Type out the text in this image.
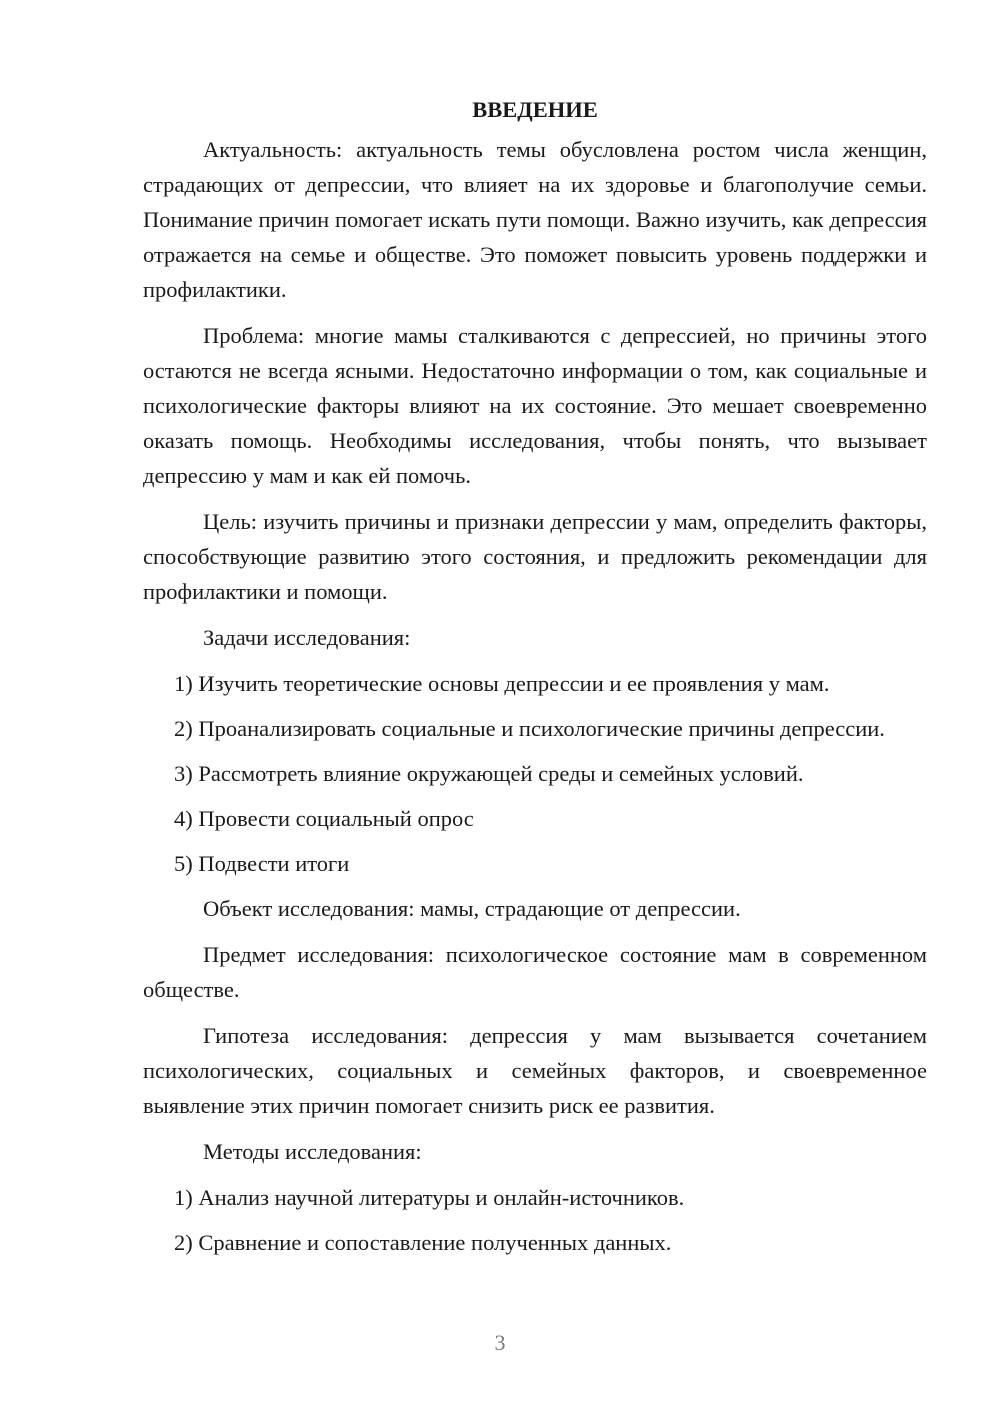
ВВЕДЕНИЕ

Актуальность: актуальность темы обусловлена ростом числа женщин, страдающих от депрессии, что влияет на их здоровье и благополучие семьи. Понимание причин помогает искать пути помощи. Важно изучить, как депрессия отражается на семье и обществе. Это поможет повысить уровень поддержки и профилактики.

Проблема: многие мамы сталкиваются с депрессией, но причины этого остаются не всегда ясными. Недостаточно информации о том, как социальные и психологические факторы влияют на их состояние. Это мешает своевременно оказать помощь. Необходимы исследования, чтобы понять, что вызывает депрессию у мам и как ей помочь.

Цель: изучить причины и признаки депрессии у мам, определить факторы, способствующие развитию этого состояния, и предложить рекомендации для профилактики и помощи.

Задачи исследования:

1) Изучить теоретические основы депрессии и ее проявления у мам.

2) Проанализировать социальные и психологические причины депрессии.

3) Рассмотреть влияние окружающей среды и семейных условий.

4) Провести социальный опрос

5) Подвести итоги

Объект исследования: мамы, страдающие от депрессии.

Предмет исследования: психологическое состояние мам в современном обществе.

Гипотеза исследования: депрессия у мам вызывается сочетанием психологических, социальных и семейных факторов, и своевременное выявление этих причин помогает снизить риск ее развития.

Методы исследования:

1) Анализ научной литературы и онлайн-источников.

2) Сравнение и сопоставление полученных данных.

3
